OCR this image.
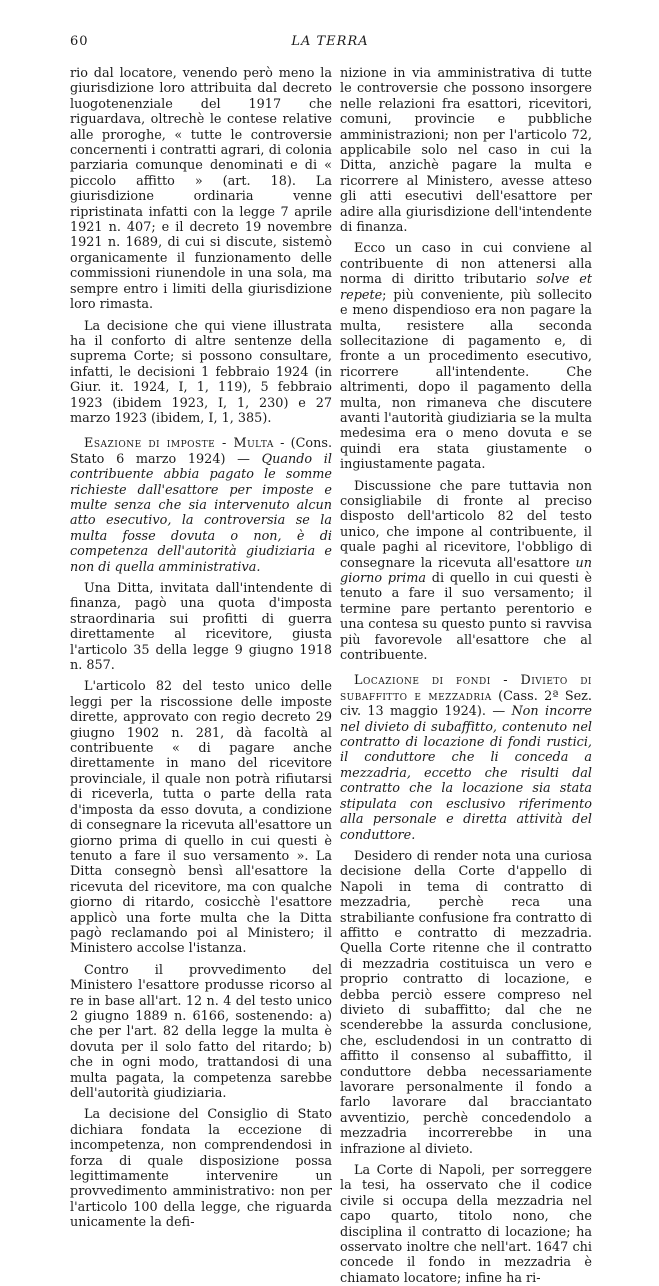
60	LA TERRA

rio dal locatore, venendo però meno la giurisdizione loro attribuita dal decreto luogotenenziale del 1917 che riguardava, oltrechè le contese relative alle proroghe, « tutte le controversie concernenti i contratti agrari, di colonia parziaria comunque denominati e di « piccolo affitto » (art. 18). La giurisdizione ordinaria venne ripristinata infatti con la legge 7 aprile 1921 n. 407; e il decreto 19 novembre 1921 n. 1689, di cui si discute, sistemò organicamente il funzionamento delle commissioni riunendole in una sola, ma sempre entro i limiti della giurisdizione loro rimasta.

La decisione che qui viene illustrata ha il conforto di altre sentenze della suprema Corte; si possono consultare, infatti, le decisioni 1 febbraio 1924 (in Giur. it. 1924, I, 1, 119), 5 febbraio 1923 (ibidem 1923, I, 1, 230) e 27 marzo 1923 (ibidem, I, 1, 385).

Esazione di imposte - Multa - (Cons. Stato 6 marzo 1924) — Quando il contribuente abbia pagato le somme richieste dall'esattore per imposte e multe senza che sia intervenuto alcun atto esecutivo, la controversia se la multa fosse dovuta o non, è di competenza dell'autorità giudiziaria e non di quella amministrativa.

Una Ditta, invitata dall'intendente di finanza, pagò una quota d'imposta straordinaria sui profitti di guerra direttamente al ricevitore, giusta l'articolo 35 della legge 9 giugno 1918 n. 857.

L'articolo 82 del testo unico delle leggi per la riscossione delle imposte dirette, approvato con regio decreto 29 giugno 1902 n. 281, dà facoltà al contribuente « di pagare anche direttamente in mano del ricevitore provinciale, il quale non potrà rifiutarsi di riceverla, tutta o parte della rata d'imposta da esso dovuta, a condizione di consegnare la ricevuta all'esattore un giorno prima di quello in cui questi è tenuto a fare il suo versamento ». La Ditta consegnò bensì all'esattore la ricevuta del ricevitore, ma con qualche giorno di ritardo, cosicchè l'esattore applicò una forte multa che la Ditta pagò reclamando poi al Ministero; il Ministero accolse l'istanza.

Contro il provvedimento del Ministero l'esattore produsse ricorso al re in base all'art. 12 n. 4 del testo unico 2 giugno 1889 n. 6166, sostenendo: a) che per l'art. 82 della legge la multa è dovuta per il solo fatto del ritardo; b) che in ogni modo, trattandosi di una multa pagata, la competenza sarebbe dell'autorità giudiziaria.

La decisione del Consiglio di Stato dichiara fondata la eccezione di incompetenza, non comprendendosi in forza di quale disposizione possa legittimamente intervenire un provvedimento amministrativo: non per l'articolo 100 della legge, che riguarda unicamente la defi-

nizione in via amministrativa di tutte le controversie che possono insorgere nelle relazioni fra esattori, ricevitori, comuni, provincie e pubbliche amministrazioni; non per l'articolo 72, applicabile solo nel caso in cui la Ditta, anzichè pagare la multa e ricorrere al Ministero, avesse atteso gli atti esecutivi dell'esattore per adire alla giurisdizione dell'intendente di finanza.

Ecco un caso in cui conviene al contribuente di non attenersi alla norma di diritto tributario solve et repete; più conveniente, più sollecito e meno dispendioso era non pagare la multa, resistere alla seconda sollecitazione di pagamento e, di fronte a un procedimento esecutivo, ricorrere all'intendente. Che altrimenti, dopo il pagamento della multa, non rimaneva che discutere avanti l'autorità giudiziaria se la multa medesima era o meno dovuta e se quindi era stata giustamente o ingiustamente pagata.

Discussione che pare tuttavia non consigliabile di fronte al preciso disposto dell'articolo 82 del testo unico, che impone al contribuente, il quale paghi al ricevitore, l'obbligo di consegnare la ricevuta all'esattore un giorno prima di quello in cui questi è tenuto a fare il suo versamento; il termine pare pertanto perentorio e una contesa su questo punto si ravvisa più favorevole all'esattore che al contribuente.

Locazione di fondi - Divieto di subaffitto e mezzadria (Cass. 2ª Sez. civ. 13 maggio 1924). — Non incorre nel divieto di subaffitto, contenuto nel contratto di locazione di fondi rustici, il conduttore che li conceda a mezzadria, eccetto che risulti dal contratto che la locazione sia stata stipulata con esclusivo riferimento alla personale e diretta attività del conduttore.

Desidero di render nota una curiosa decisione della Corte d'appello di Napoli in tema di contratto di mezzadria, perchè reca una strabiliante confusione fra contratto di affitto e contratto di mezzadria. Quella Corte ritenne che il contratto di mezzadria costituisca un vero e proprio contratto di locazione, e debba perciò essere compreso nel divieto di subaffitto; dal che ne scenderebbe la assurda conclusione, che, escludendosi in un contratto di affitto il consenso al subaffitto, il conduttore debba necessariamente lavorare personalmente il fondo a farlo lavorare dal bracciantato avventizio, perchè concedendolo a mezzadria incorrerebbe in una infrazione al divieto.

La Corte di Napoli, per sorreggere la tesi, ha osservato che il codice civile si occupa della mezzadria nel capo quarto, titolo nono, che disciplina il contratto di locazione; ha osservato inoltre che nell'art. 1647 chi concede il fondo in mezzadria è chiamato locatore; infine ha ri-
